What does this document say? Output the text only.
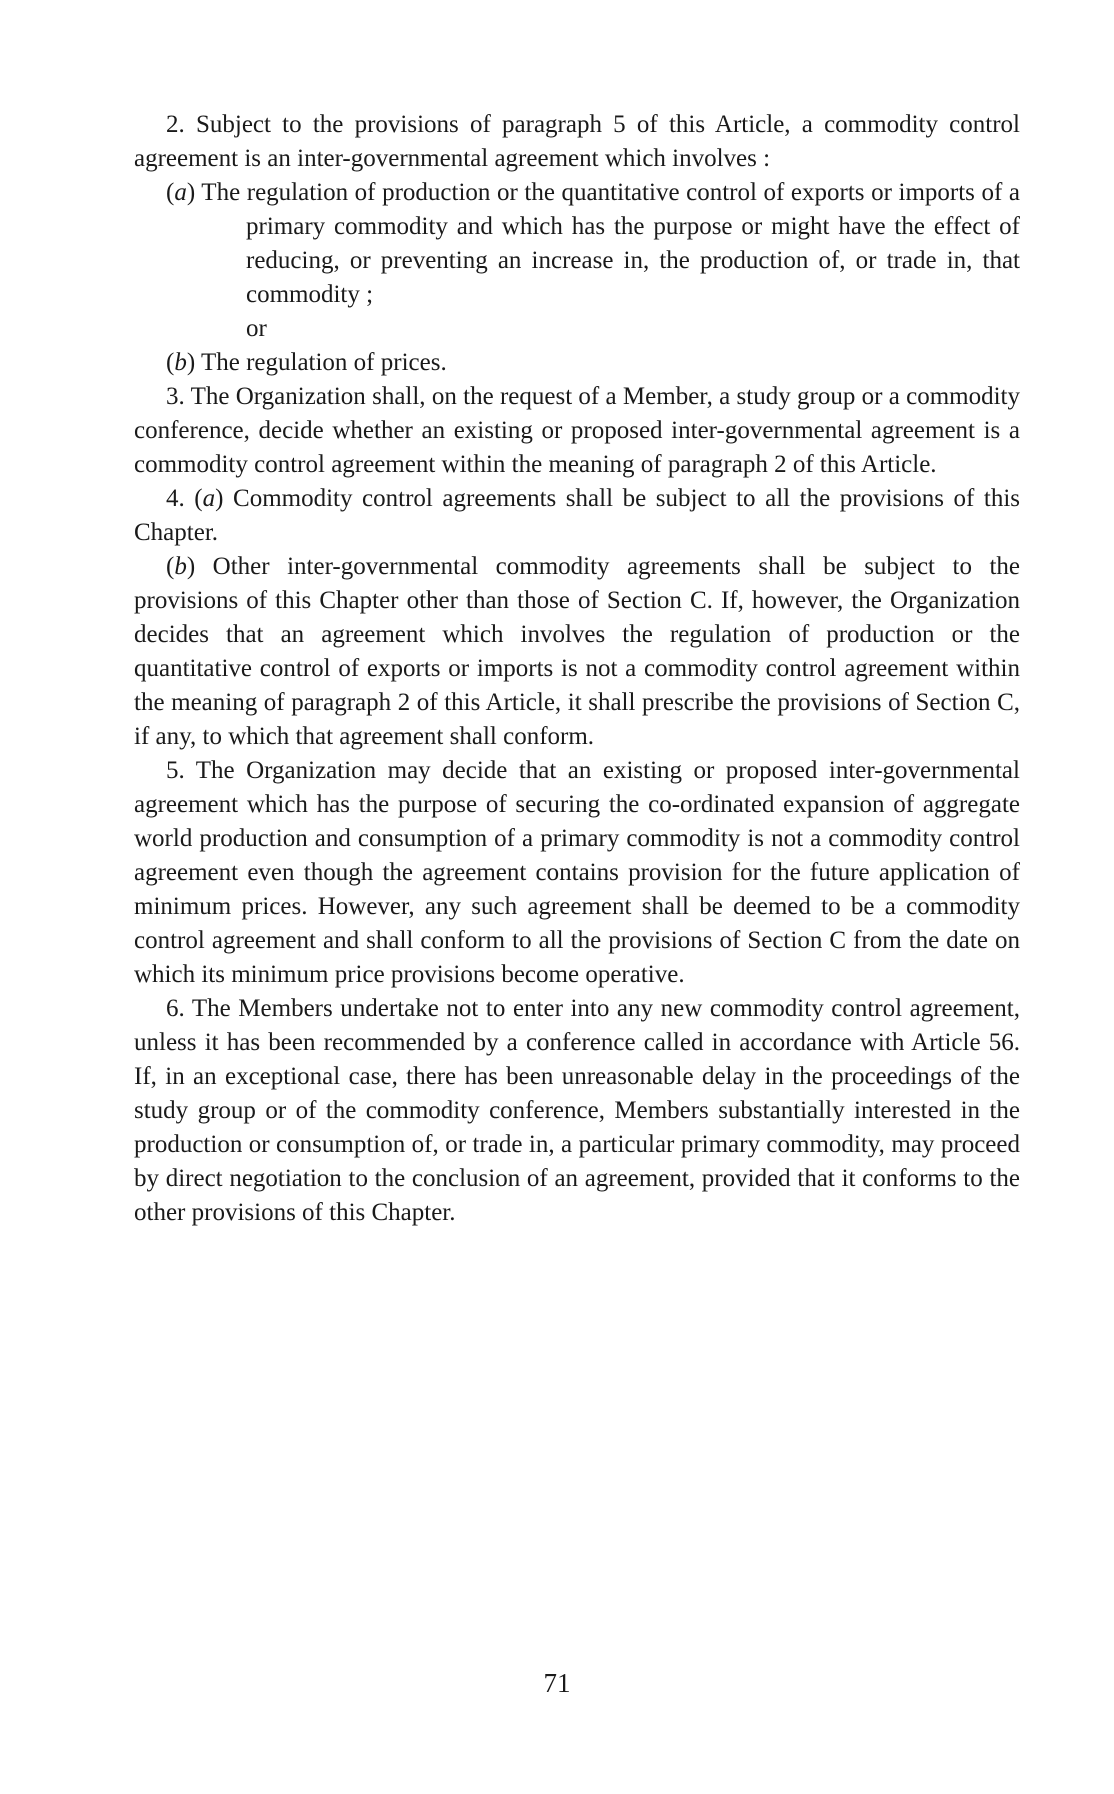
2. Subject to the provisions of paragraph 5 of this Article, a commodity control agreement is an inter-governmental agreement which involves :

(a) The regulation of production or the quantitative control of exports or imports of a primary commodity and which has the purpose or might have the effect of reducing, or preventing an increase in, the production of, or trade in, that commodity ;

or

(b) The regulation of prices.

3. The Organization shall, on the request of a Member, a study group or a commodity conference, decide whether an existing or proposed inter-governmental agreement is a commodity control agreement within the meaning of paragraph 2 of this Article.

4. (a) Commodity control agreements shall be subject to all the provisions of this Chapter.

(b) Other inter-governmental commodity agreements shall be subject to the provisions of this Chapter other than those of Section C. If, however, the Organization decides that an agreement which involves the regulation of production or the quantitative control of exports or imports is not a commodity control agreement within the meaning of paragraph 2 of this Article, it shall prescribe the provisions of Section C, if any, to which that agreement shall conform.

5. The Organization may decide that an existing or proposed inter-governmental agreement which has the purpose of securing the co-ordinated expansion of aggregate world production and consumption of a primary commodity is not a commodity control agreement even though the agreement contains provision for the future application of minimum prices. However, any such agreement shall be deemed to be a commodity control agreement and shall conform to all the provisions of Section C from the date on which its minimum price provisions become operative.

6. The Members undertake not to enter into any new commodity control agreement, unless it has been recommended by a conference called in accordance with Article 56. If, in an exceptional case, there has been unreasonable delay in the proceedings of the study group or of the commodity conference, Members substantially interested in the production or consumption of, or trade in, a particular primary commodity, may proceed by direct negotiation to the conclusion of an agreement, provided that it conforms to the other provisions of this Chapter.

71
